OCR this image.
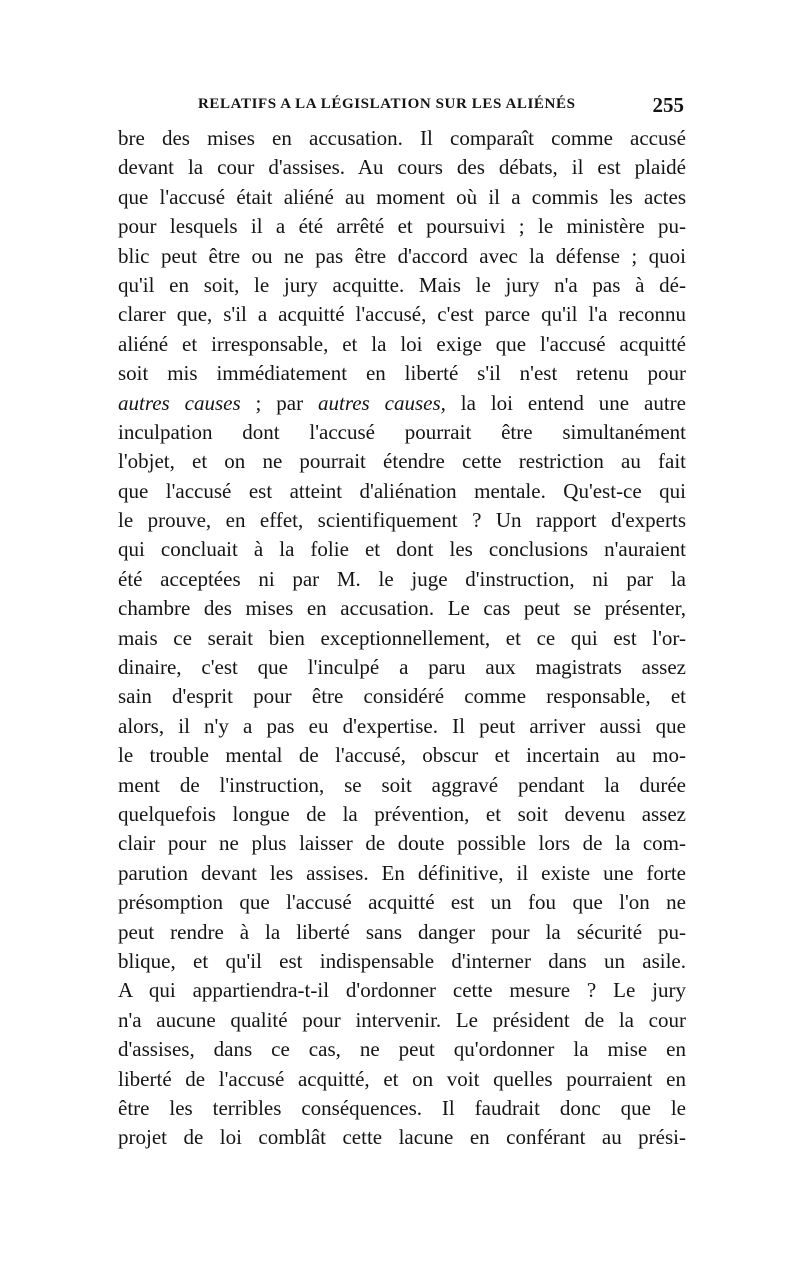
RELATIFS A LA LÉGISLATION SUR LES ALIÉNÉS	255
bre des mises en accusation. Il comparaît comme accusé
devant la cour d'assises. Au cours des débats, il est plaidé
que l'accusé était aliéné au moment où il a commis les actes
pour lesquels il a été arrêté et poursuivi ; le ministère pu-
blic peut être ou ne pas être d'accord avec la défense ; quoi
qu'il en soit, le jury acquitte. Mais le jury n'a pas à dé-
clarer que, s'il a acquitté l'accusé, c'est parce qu'il l'a reconnu
aliéné et irresponsable, et la loi exige que l'accusé acquitté
soit mis immédiatement en liberté s'il n'est retenu pour
autres causes ; par autres causes, la loi entend une autre
inculpation dont l'accusé pourrait être simultanément
l'objet, et on ne pourrait étendre cette restriction au fait
que l'accusé est atteint d'aliénation mentale. Qu'est-ce qui
le prouve, en effet, scientifiquement ? Un rapport d'experts
qui concluait à la folie et dont les conclusions n'auraient
été acceptées ni par M. le juge d'instruction, ni par la
chambre des mises en accusation. Le cas peut se présenter,
mais ce serait bien exceptionnellement, et ce qui est l'or-
dinaire, c'est que l'inculpé a paru aux magistrats assez
sain d'esprit pour être considéré comme responsable, et
alors, il n'y a pas eu d'expertise. Il peut arriver aussi que
le trouble mental de l'accusé, obscur et incertain au mo-
ment de l'instruction, se soit aggravé pendant la durée
quelquefois longue de la prévention, et soit devenu assez
clair pour ne plus laisser de doute possible lors de la com-
parution devant les assises. En définitive, il existe une forte
présomption que l'accusé acquitté est un fou que l'on ne
peut rendre à la liberté sans danger pour la sécurité pu-
blique, et qu'il est indispensable d'interner dans un asile.
A qui appartiendra-t-il d'ordonner cette mesure ? Le jury
n'a aucune qualité pour intervenir. Le président de la cour
d'assises, dans ce cas, ne peut qu'ordonner la mise en
liberté de l'accusé acquitté, et on voit quelles pourraient en
être les terribles conséquences. Il faudrait donc que le
projet de loi comblât cette lacune en conférant au prési-
